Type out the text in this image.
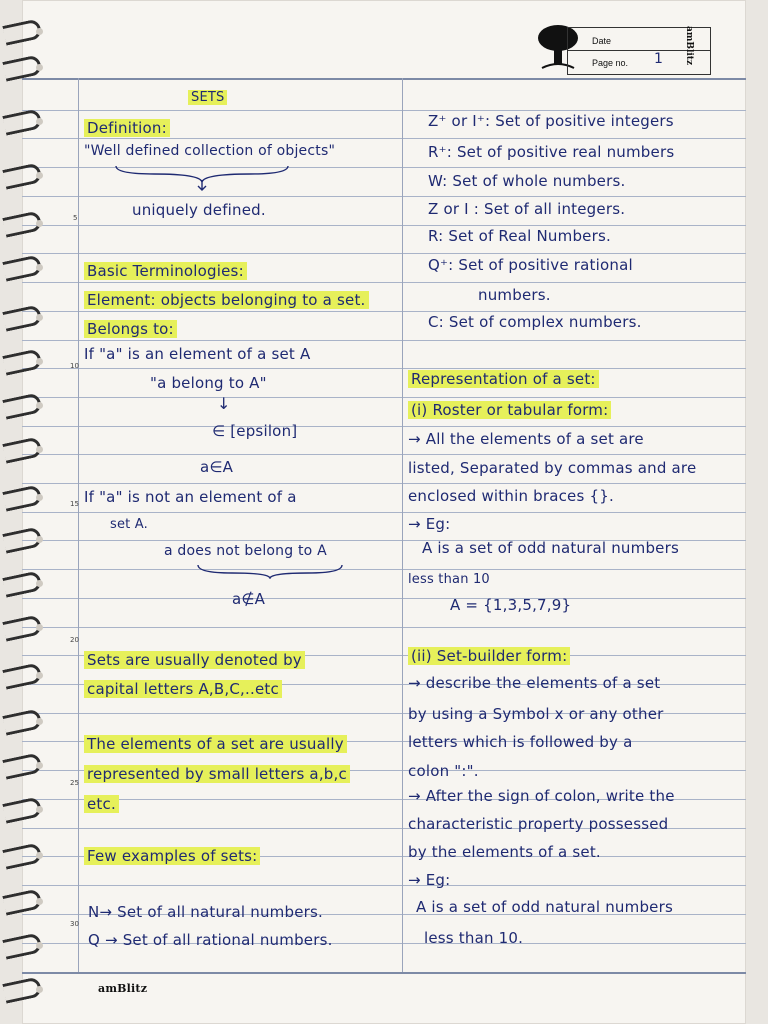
Date
Page no. 1 amBlitz
5
10
15
20
25
30
SETS
Definition:
"Well defined collection of objects"
uniquely defined.
Basic Terminologies:
Element: objects belonging to a set.
Belongs to:
If "a" is an element of a set A
"a belong to A"
↓
∈ [epsilon]
a∈A
If "a" is not an element of a
set A.
a does not belong to A
a∉A
Sets are usually denoted by
capital letters A,B,C,..etc
The elements of a set are usually
represented by small letters a,b,c
etc.
Few examples of sets:
N→ Set of all natural numbers.
Q → Set of all rational numbers.
Z⁺ or I⁺: Set of positive integers
R⁺: Set of positive real numbers
W: Set of whole numbers.
Z or I : Set of all integers.
R: Set of Real Numbers.
Q⁺: Set of positive rational
numbers.
C: Set of complex numbers.
Representation of a set:
(i) Roster or tabular form:
→ All the elements of a set are
listed, Separated by commas and are
enclosed within braces {}.
→ Eg:
A is a set of odd natural numbers
less than 10
A = {1,3,5,7,9}
(ii) Set-builder form:
→ describe the elements of a set
by using a Symbol x or any other
letters which is followed by a
colon ":".
→ After the sign of colon, write the
characteristic property possessed
by the elements of a set.
→ Eg:
A is a set of odd natural numbers
less than 10.
amBlitz
